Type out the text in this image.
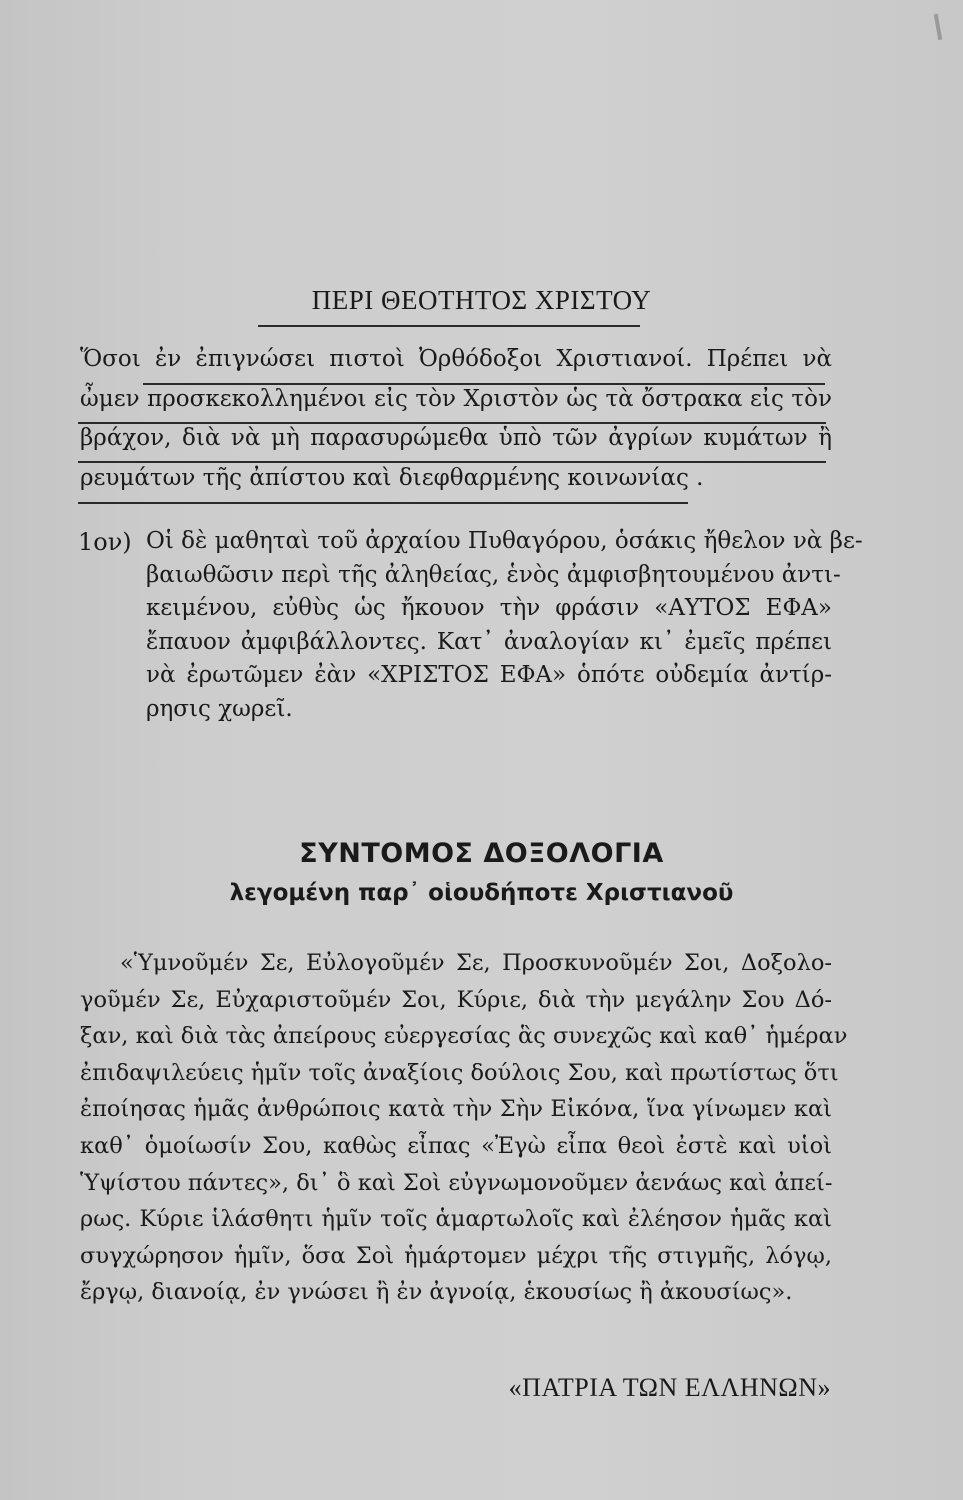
ΠΕΡΙ ΘΕΟΤΗΤΟΣ ΧΡΙΣΤΟΥ
Ὅσοι ἐν ἐπιγνώσει πιστοὶ Ὀρθόδοξοι Χριστιανοί. Πρέπει νὰ
ὦμεν προσκεκολλημένοι εἰς τὸν Χριστὸν ὡς τὰ ὄστρακα εἰς τὸν
βράχον, διὰ νὰ μὴ παρασυρώμεθα ὑπὸ τῶν ἀγρίων κυμάτων ἢ
ρευμάτων τῆς ἀπίστου καὶ διεφθαρμένης κοινωνίας .
1ον) Οἱ δὲ μαθηταὶ τοῦ ἀρχαίου Πυθαγόρου, ὁσάκις ἤθελον νὰ βε-
βαιωθῶσιν περὶ τῆς ἀληθείας, ἑνὸς ἀμφισβητουμένου ἀντι-
κειμένου, εὐθὺς ὡς ἤκουον τὴν φράσιν «ΑΥΤΟΣ ΕΦΑ»
ἔπαυον ἀμφιβάλλοντες. Κατ᾿ ἀναλογίαν κι᾿ ἐμεῖς πρέπει
νὰ ἐρωτῶμεν ἐὰν «ΧΡΙΣΤΟΣ ΕΦΑ» ὁπότε οὐδεμία ἀντίρ-
ρησις χωρεῖ.
ΣΥΝΤΟΜΟΣ ΔΟΞΟΛΟΓΙΑ
λεγομένη παρ᾿ οἱουδήποτε Χριστιανοῦ
«Ὑμνοῦμέν Σε, Εὐλογοῦμέν Σε, Προσκυνοῦμέν Σοι, Δοξολο-
γοῦμέν Σε, Εὐχαριστοῦμέν Σοι, Κύριε, διὰ τὴν μεγάλην Σου Δό-
ξαν, καὶ διὰ τὰς ἀπείρους εὐεργεσίας ἃς συνεχῶς καὶ καθ᾿ ἡμέραν
ἐπιδαψιλεύεις ἡμῖν τοῖς ἀναξίοις δούλοις Σου, καὶ πρωτίστως ὅτι
ἐποίησας ἡμᾶς ἀνθρώποις κατὰ τὴν Σὴν Εἰκόνα, ἵνα γίνωμεν καὶ
καθ᾿ ὁμοίωσίν Σου, καθὼς εἶπας «Ἐγὼ εἶπα θεοὶ ἐστὲ καὶ υἱοὶ
Ὑψίστου πάντες», δι᾿ ὃ καὶ Σοὶ εὐγνωμονοῦμεν ἀενάως καὶ ἀπεί-
ρως. Κύριε ἱλάσθητι ἡμῖν τοῖς ἁμαρτωλοῖς καὶ ἐλέησον ἡμᾶς καὶ
συγχώρησον ἡμῖν, ὅσα Σοὶ ἡμάρτομεν μέχρι τῆς στιγμῆς, λόγῳ,
ἔργῳ, διανοίᾳ, ἐν γνώσει ἢ ἐν ἀγνοίᾳ, ἑκουσίως ἢ ἀκουσίως».
«ΠΑΤΡΙΑ ΤΩΝ ΕΛΛΗΝΩΝ»
